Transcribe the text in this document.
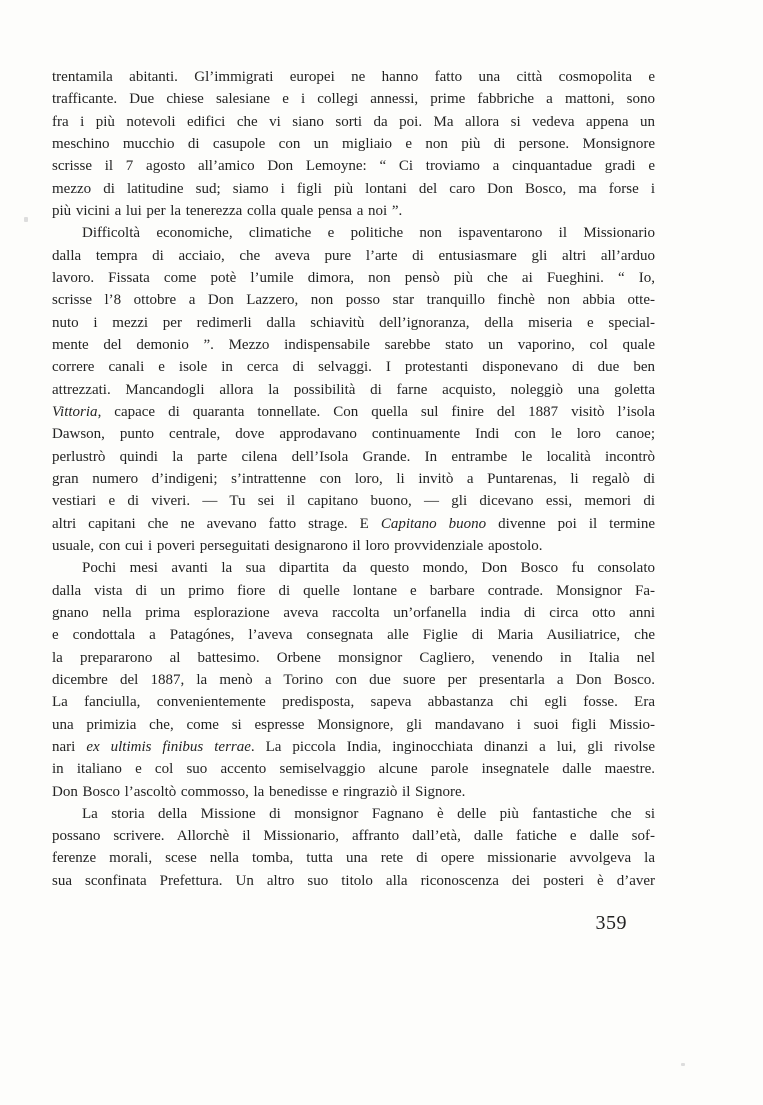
trentamila abitanti. Gl’immigrati europei ne hanno fatto una città cosmopolita e
trafficante. Due chiese salesiane e i collegi annessi, prime fabbriche a mattoni, sono
fra i più notevoli edifici che vi siano sorti da poi. Ma allora si vedeva appena un
meschino mucchio di casupole con un migliaio e non più di persone. Monsignore
scrisse il 7 agosto all’amico Don Lemoyne: “ Ci troviamo a cinquantadue gradi e
mezzo di latitudine sud; siamo i figli più lontani del caro Don Bosco, ma forse i
più vicini a lui per la tenerezza colla quale pensa a noi ”.
Difficoltà economiche, climatiche e politiche non ispaventarono il Missionario
dalla tempra di acciaio, che aveva pure l’arte di entusiasmare gli altri all’arduo
lavoro. Fissata come potè l’umile dimora, non pensò più che ai Fueghini. “ Io,
scrisse l’8 ottobre a Don Lazzero, non posso star tranquillo finchè non abbia otte-
nuto i mezzi per redimerli dalla schiavitù dell’ignoranza, della miseria e special-
mente del demonio ”. Mezzo indispensabile sarebbe stato un vaporino, col quale
correre canali e isole in cerca di selvaggi. I protestanti disponevano di due ben
attrezzati. Mancandogli allora la possibilità di farne acquisto, noleggiò una goletta
Vittoria, capace di quaranta tonnellate. Con quella sul finire del 1887 visitò l’isola
Dawson, punto centrale, dove approdavano continuamente Indi con le loro canoe;
perlustrò quindi la parte cilena dell’Isola Grande. In entrambe le località incontrò
gran numero d’indigeni; s’intrattenne con loro, li invitò a Puntarenas, li regalò di
vestiari e di viveri. — Tu sei il capitano buono, — gli dicevano essi, memori di
altri capitani che ne avevano fatto strage. E Capitano buono divenne poi il termine
usuale, con cui i poveri perseguitati designarono il loro provvidenziale apostolo.
Pochi mesi avanti la sua dipartita da questo mondo, Don Bosco fu consolato
dalla vista di un primo fiore di quelle lontane e barbare contrade. Monsignor Fa-
gnano nella prima esplorazione aveva raccolta un’orfanella india di circa otto anni
e condottala a Patagónes, l’aveva consegnata alle Figlie di Maria Ausiliatrice, che
la prepararono al battesimo. Orbene monsignor Cagliero, venendo in Italia nel
dicembre del 1887, la menò a Torino con due suore per presentarla a Don Bosco.
La fanciulla, convenientemente predisposta, sapeva abbastanza chi egli fosse. Era
una primizia che, come si espresse Monsignore, gli mandavano i suoi figli Missio-
nari ex ultimis finibus terrae. La piccola India, inginocchiata dinanzi a lui, gli rivolse
in italiano e col suo accento semiselvaggio alcune parole insegnatele dalle maestre.
Don Bosco l’ascoltò commosso, la benedisse e ringraziò il Signore.
La storia della Missione di monsignor Fagnano è delle più fantastiche che si
possano scrivere. Allorchè il Missionario, affranto dall’età, dalle fatiche e dalle sof-
ferenze morali, scese nella tomba, tutta una rete di opere missionarie avvolgeva la
sua sconfinata Prefettura. Un altro suo titolo alla riconoscenza dei posteri è d’aver
359
